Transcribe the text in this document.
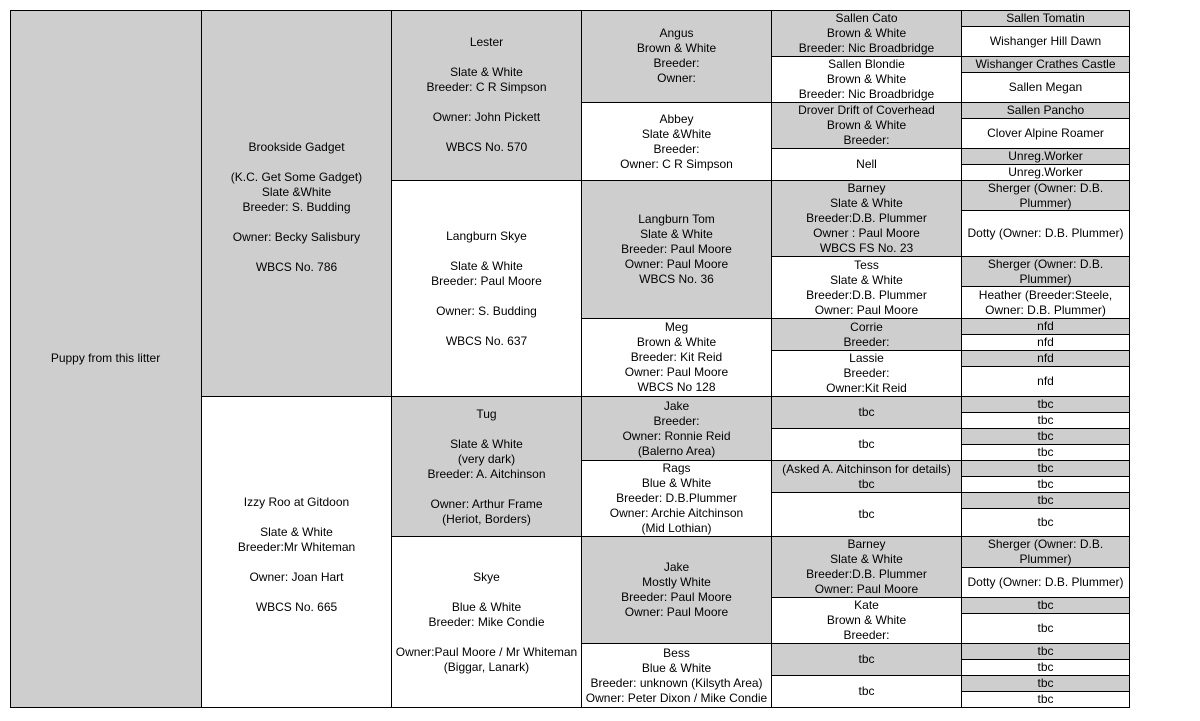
Puppy from this litter
Brookside Gadget
(K.C. Get Some Gadget)
Slate &White
Breeder: S. Budding
Owner: Becky Salisbury
WBCS No. 786
Izzy Roo at Gitdoon
Slate & White
Breeder:Mr Whiteman
Owner: Joan Hart
WBCS No. 665
Lester
Slate & White
Breeder: C R Simpson
Owner: John Pickett
WBCS No. 570
Langburn Skye
Slate & White
Breeder: Paul Moore
Owner: S. Budding
WBCS No. 637
Tug
Slate & White
(very dark)
Breeder: A. Aitchinson
Owner: Arthur Frame
(Heriot, Borders)
Skye
Blue & White
Breeder: Mike Condie
Owner:Paul Moore / Mr Whiteman
(Biggar, Lanark)
Angus
Brown & White
Breeder:
Owner:
Abbey
Slate &White
Breeder:
Owner: C R Simpson
Langburn Tom
Slate & White
Breeder: Paul Moore
Owner: Paul Moore
WBCS No. 36
Meg
Brown & White
Breeder: Kit Reid
Owner: Paul Moore
WBCS No 128
Jake
Breeder:
Owner: Ronnie Reid
(Balerno Area)
Rags
Blue & White
Breeder: D.B.Plummer
Owner: Archie Aitchinson
(Mid Lothian)
Jake
Mostly White
Breeder: Paul Moore
Owner: Paul Moore
Bess
Blue & White
Breeder: unknown (Kilsyth Area)
Owner: Peter Dixon / Mike Condie
Sallen Cato
Brown & White
Breeder: Nic Broadbridge
Sallen Blondie
Brown & White
Breeder: Nic Broadbridge
Drover Drift of Coverhead
Brown & White
Breeder:
Nell
Barney
Slate & White
Breeder:D.B. Plummer
Owner : Paul Moore
WBCS FS No. 23
Tess
Slate & White
Breeder:D.B. Plummer
Owner: Paul Moore
Corrie
Breeder:
Lassie
Breeder:
Owner:Kit Reid
tbc
tbc
(Asked A. Aitchinson for details)
tbc
tbc
Barney
Slate & White
Breeder:D.B. Plummer
Owner: Paul Moore
Kate
Brown & White
Breeder:
tbc
tbc
Sallen Tomatin
Wishanger Hill Dawn
Wishanger Crathes Castle
Sallen Megan
Sallen Pancho
Clover Alpine Roamer
Unreg.Worker
Unreg.Worker
Sherger (Owner: D.B.
Plummer)
Dotty (Owner: D.B. Plummer)
Sherger (Owner: D.B.
Plummer)
Heather (Breeder:Steele,
Owner: D.B. Plummer)
nfd
nfd
nfd
nfd
tbc
tbc
tbc
tbc
tbc
tbc
tbc
tbc
Sherger (Owner: D.B.
Plummer)
Dotty (Owner: D.B. Plummer)
tbc
tbc
tbc
tbc
tbc
tbc
